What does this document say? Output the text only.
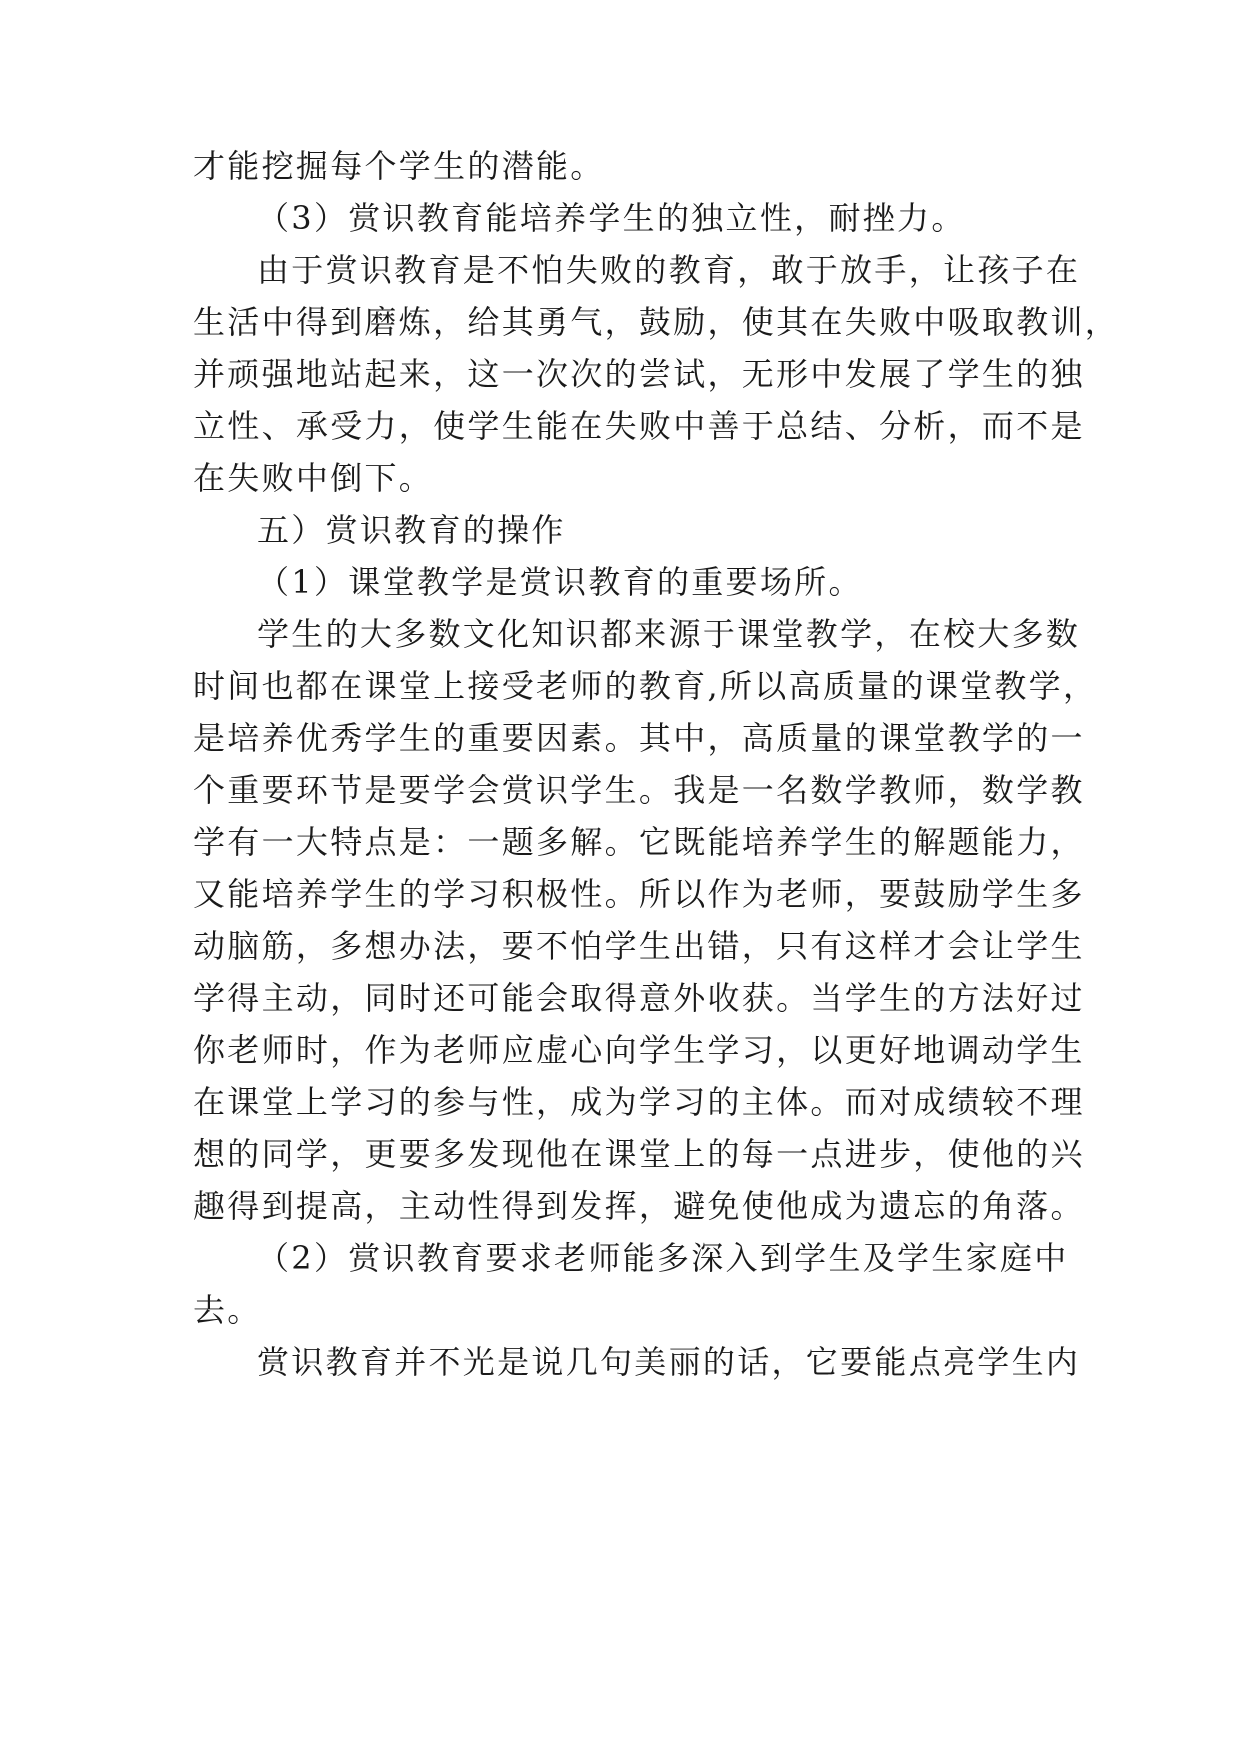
才能挖掘每个学生的潜能。
（3）赏识教育能培养学生的独立性，耐挫力。
由于赏识教育是不怕失败的教育，敢于放手，让孩子在
生活中得到磨炼，给其勇气，鼓励，使其在失败中吸取教训，
并顽强地站起来，这一次次的尝试，无形中发展了学生的独
立性、承受力，使学生能在失败中善于总结、分析，而不是
在失败中倒下。
五）赏识教育的操作
（1）课堂教学是赏识教育的重要场所。
学生的大多数文化知识都来源于课堂教学，在校大多数
时间也都在课堂上接受老师的教育,所以高质量的课堂教学，
是培养优秀学生的重要因素。其中，高质量的课堂教学的一
个重要环节是要学会赏识学生。我是一名数学教师，数学教
学有一大特点是：一题多解。它既能培养学生的解题能力，
又能培养学生的学习积极性。所以作为老师，要鼓励学生多
动脑筋，多想办法，要不怕学生出错，只有这样才会让学生
学得主动，同时还可能会取得意外收获。当学生的方法好过
你老师时，作为老师应虚心向学生学习，以更好地调动学生
在课堂上学习的参与性，成为学习的主体。而对成绩较不理
想的同学，更要多发现他在课堂上的每一点进步，使他的兴
趣得到提高，主动性得到发挥，避免使他成为遗忘的角落。
（2）赏识教育要求老师能多深入到学生及学生家庭中
去。
赏识教育并不光是说几句美丽的话，它要能点亮学生内
